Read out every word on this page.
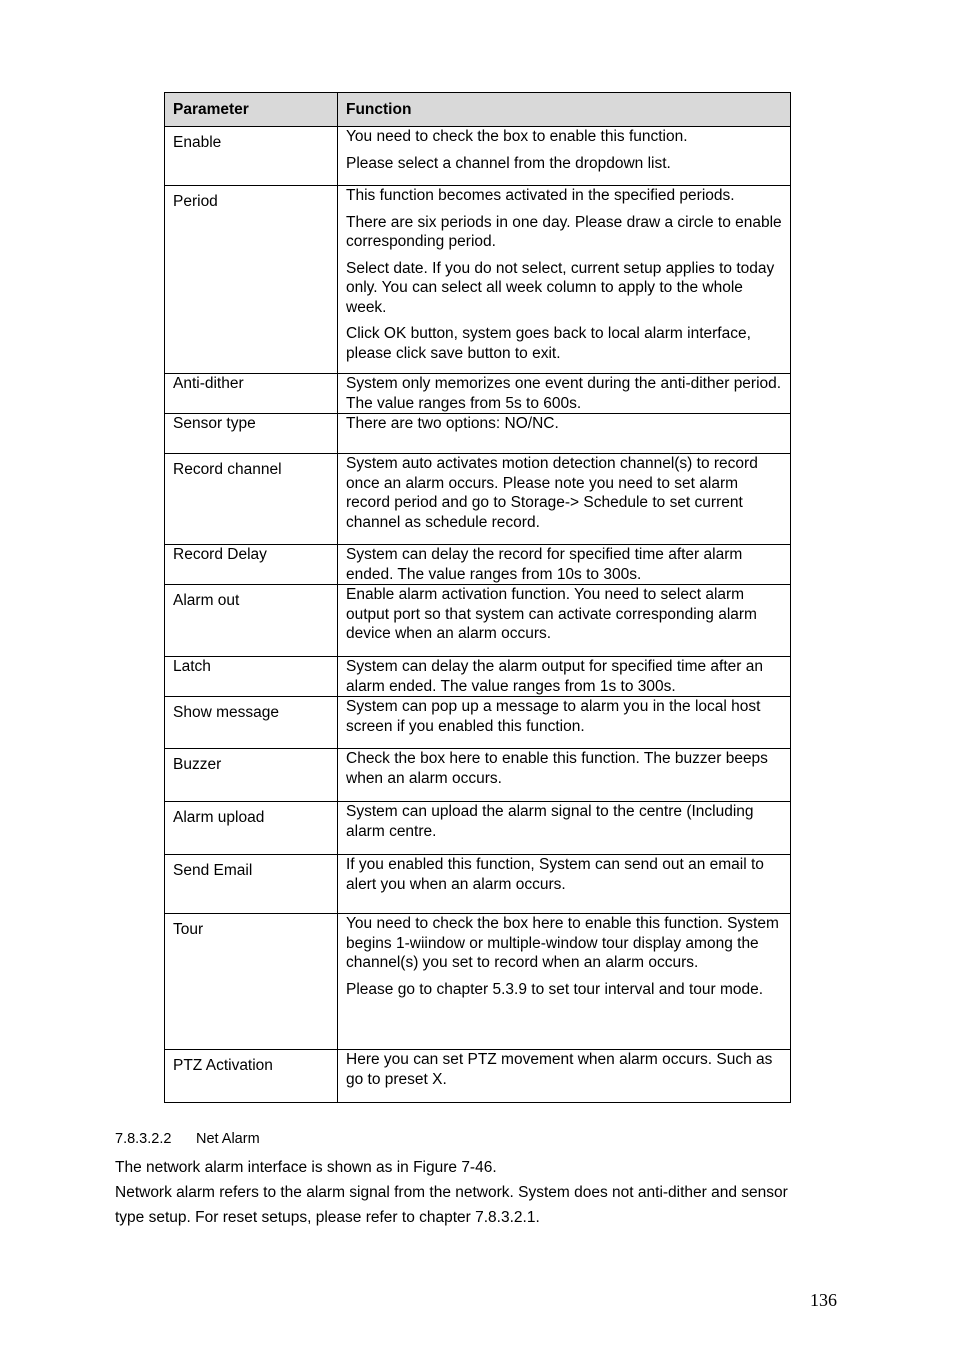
Parameter	Function
Enable	You need to check the box to enable this function.

Please select a channel from the dropdown list.

Period	This function becomes activated in the specified periods.

There are six periods in one day. Please draw a circle to enable corresponding period.

Select date. If you do not select, current setup applies to today only. You can select all week column to apply to the whole week.

Click OK button, system goes back to local alarm interface, please click save button to exit.

Anti-dither	System only memorizes one event during the anti-dither period. The value ranges from 5s to 600s.

Sensor type	There are two options: NO/NC.

Record channel	System auto activates motion detection channel(s) to record once an alarm occurs. Please note you need to set alarm record period and go to Storage-> Schedule to set current channel as schedule record.

Record Delay	System can delay the record for specified time after alarm ended. The value ranges from 10s to 300s.

Alarm out	Enable alarm activation function. You need to select alarm output port so that system can activate corresponding alarm device when an alarm occurs.

Latch	System can delay the alarm output for specified time after an alarm ended. The value ranges from 1s to 300s.

Show message	System can pop up a message to alarm you in the local host screen if you enabled this function.

Buzzer	Check the box here to enable this function. The buzzer beeps when an alarm occurs.

Alarm upload	System can upload the alarm signal to the centre (Including alarm centre.

Send Email	If you enabled this function, System can send out an email to alert you when an alarm occurs.

Tour	You need to check the box here to enable this function. System begins 1-wiindow or multiple-window tour display among the channel(s) you set to record when an alarm occurs.

Please go to chapter 5.3.9 to set tour interval and tour mode.

PTZ Activation	Here you can set PTZ movement when alarm occurs. Such as go to preset X.

7.8.3.2.2 Net Alarm

The network alarm interface is shown as in Figure 7-46.

Network alarm refers to the alarm signal from the network. System does not anti-dither and sensor type setup. For reset setups, please refer to chapter 7.8.3.2.1.

136
